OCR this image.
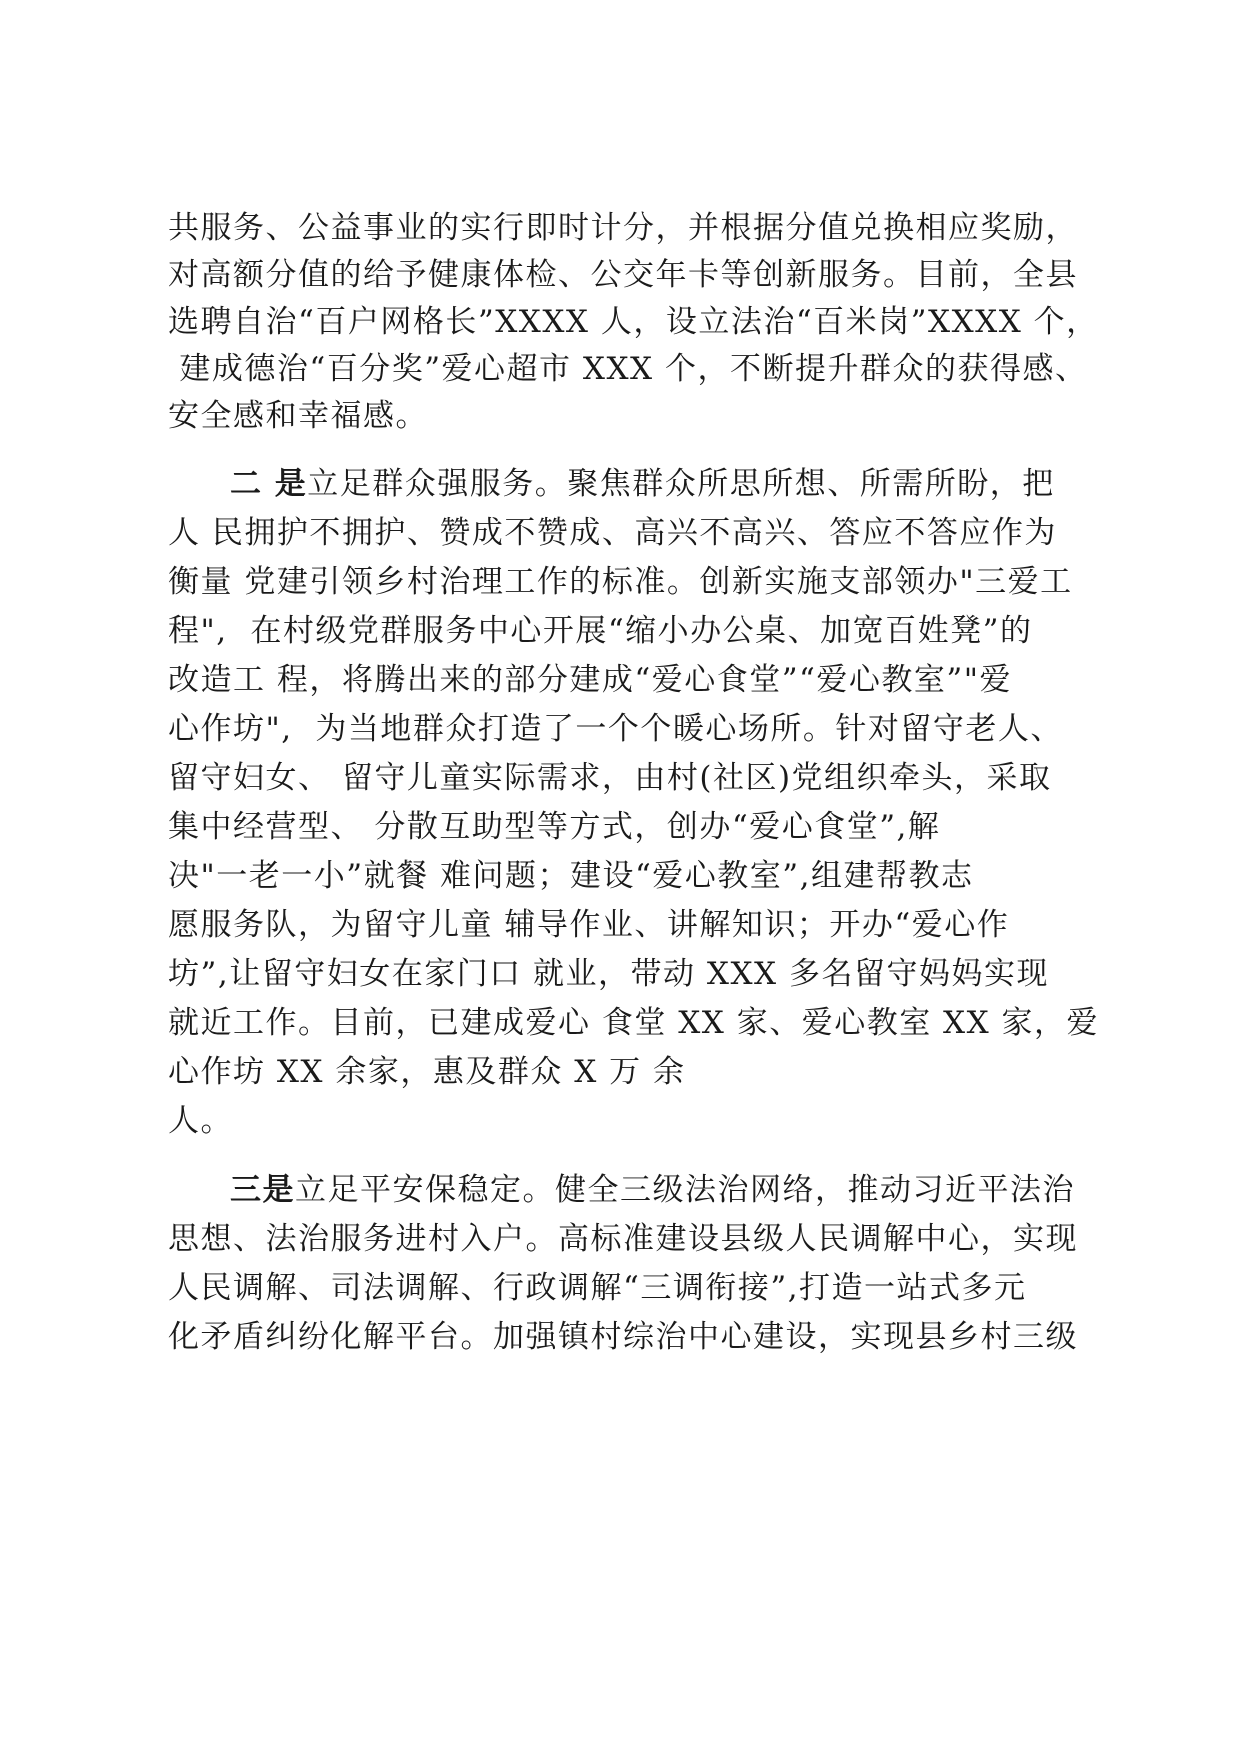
共服务、公益事业的实行即时计分，并根据分值兑换相应奖励，
对高额分值的给予健康体检、公交年卡等创新服务。目前，全县
选聘自治“百户网格长”XXXX 人，设立法治“百米岗”XXXX 个，
建成德治“百分奖”爱心超市 XXX 个，不断提升群众的获得感、
安全感和幸福感。
二 是立足群众强服务。聚焦群众所思所想、所需所盼，把
人 民拥护不拥护、赞成不赞成、高兴不高兴、答应不答应作为
衡量 党建引领乡村治理工作的标准。创新实施支部领办"三爱工
程",  在村级党群服务中心开展“缩小办公桌、加宽百姓凳”的
改造工 程，将腾出来的部分建成“爱心食堂”“爱心教室”"爱
心作坊",  为当地群众打造了一个个暖心场所。针对留守老人、
留守妇女、 留守儿童实际需求，由村(社区)党组织牵头，采取
集中经营型、 分散互助型等方式，创办“爱心食堂”,解
决"一老一小”就餐 难问题；建设“爱心教室”,组建帮教志
愿服务队，为留守儿童 辅导作业、讲解知识；开办“爱心作
坊”,让留守妇女在家门口 就业，带动 XXX 多名留守妈妈实现
就近工作。目前，已建成爱心 食堂 XX 家、爱心教室 XX 家，爱
心作坊 XX 余家，惠及群众 X 万 余
人。
三是立足平安保稳定。健全三级法治网络，推动习近平法治
思想、法治服务进村入户。高标准建设县级人民调解中心，实现
人民调解、司法调解、行政调解“三调衔接”,打造一站式多元
化矛盾纠纷化解平台。加强镇村综治中心建设，实现县乡村三级
